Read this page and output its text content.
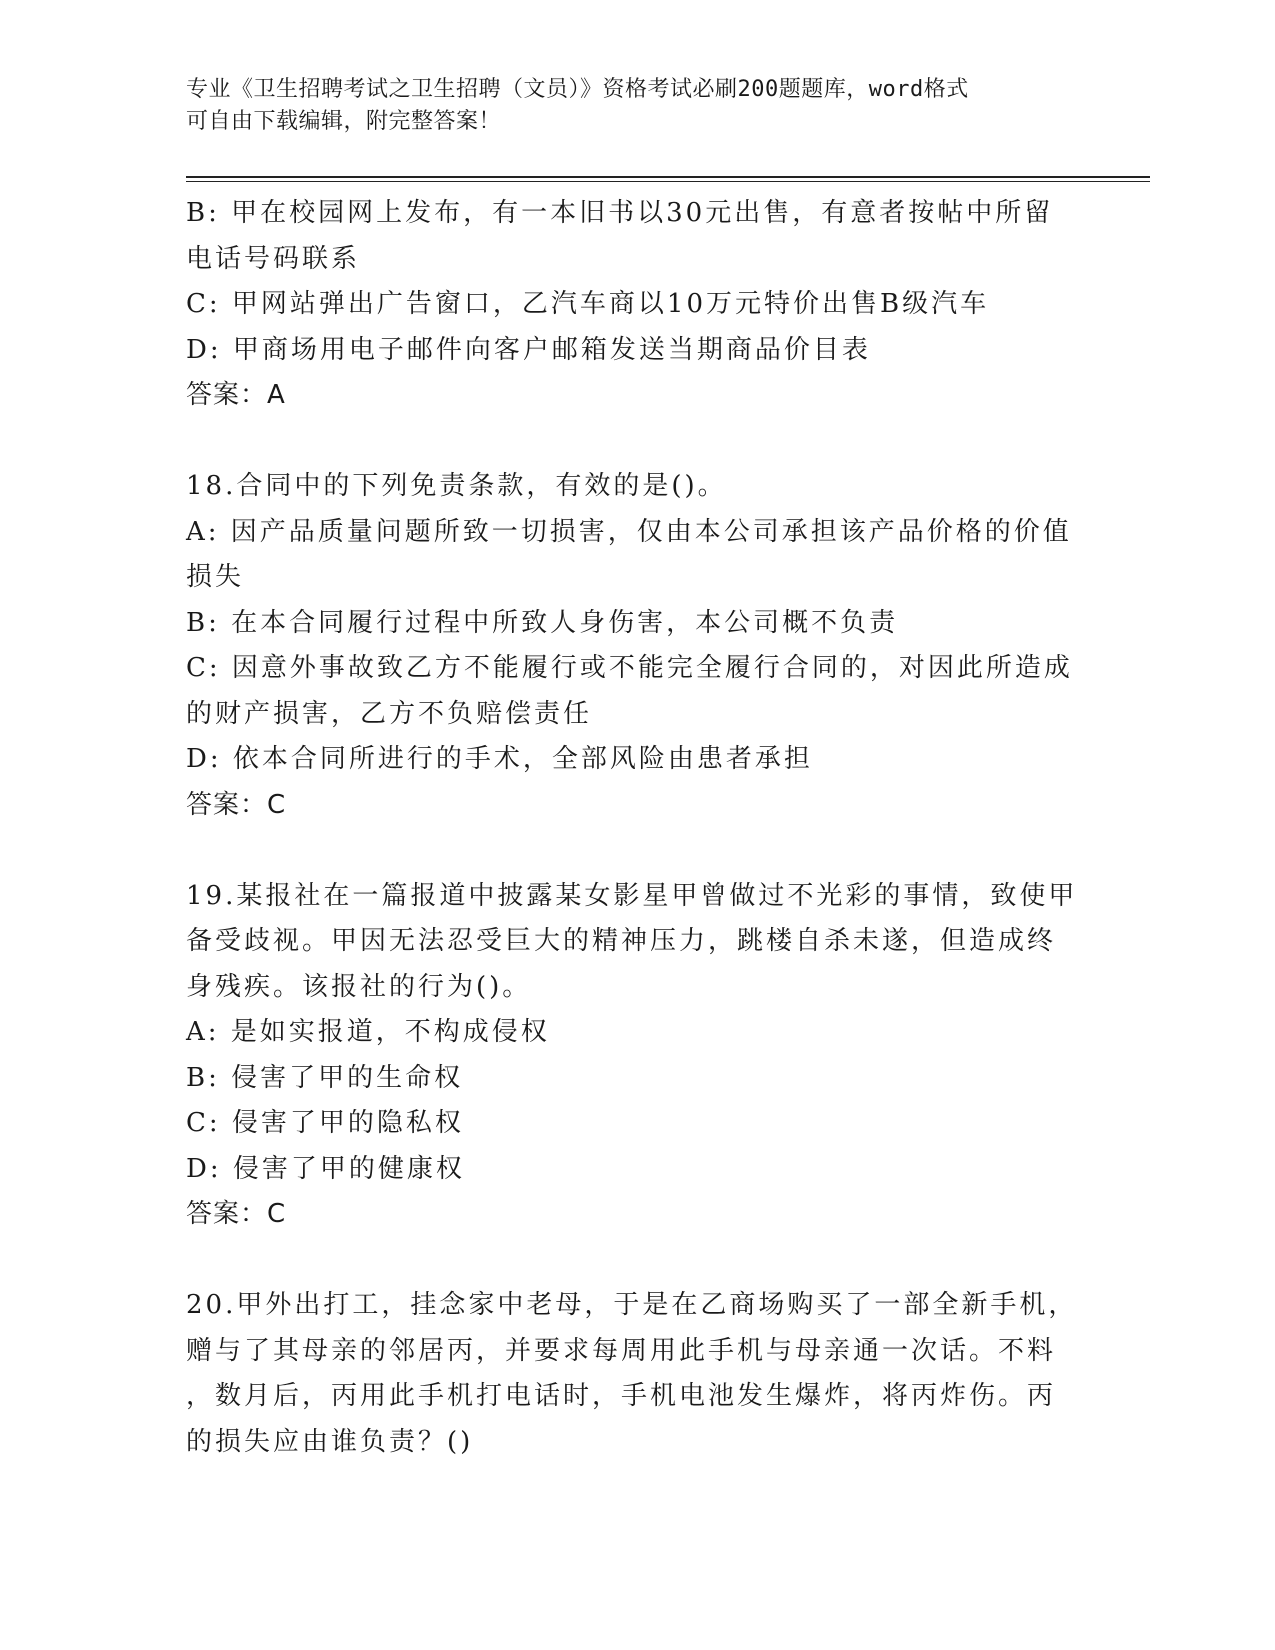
专业《卫生招聘考试之卫生招聘（文员）》资格考试必刷200题题库，word格式
可自由下载编辑，附完整答案！
B: 甲在校园网上发布，有一本旧书以30元出售，有意者按帖中所留
电话号码联系
C: 甲网站弹出广告窗口，乙汽车商以10万元特价出售B级汽车
D: 甲商场用电子邮件向客户邮箱发送当期商品价目表
答案：A
18.合同中的下列免责条款，有效的是()。
A: 因产品质量问题所致一切损害，仅由本公司承担该产品价格的价值
损失
B: 在本合同履行过程中所致人身伤害，本公司概不负责
C: 因意外事故致乙方不能履行或不能完全履行合同的，对因此所造成
的财产损害，乙方不负赔偿责任
D: 依本合同所进行的手术，全部风险由患者承担
答案：C
19.某报社在一篇报道中披露某女影星甲曾做过不光彩的事情，致使甲
备受歧视。甲因无法忍受巨大的精神压力，跳楼自杀未遂，但造成终
身残疾。该报社的行为()。
A: 是如实报道，不构成侵权
B: 侵害了甲的生命权
C: 侵害了甲的隐私权
D: 侵害了甲的健康权
答案：C
20.甲外出打工，挂念家中老母，于是在乙商场购买了一部全新手机，
赠与了其母亲的邻居丙，并要求每周用此手机与母亲通一次话。不料
，数月后，丙用此手机打电话时，手机电池发生爆炸，将丙炸伤。丙
的损失应由谁负责？()
